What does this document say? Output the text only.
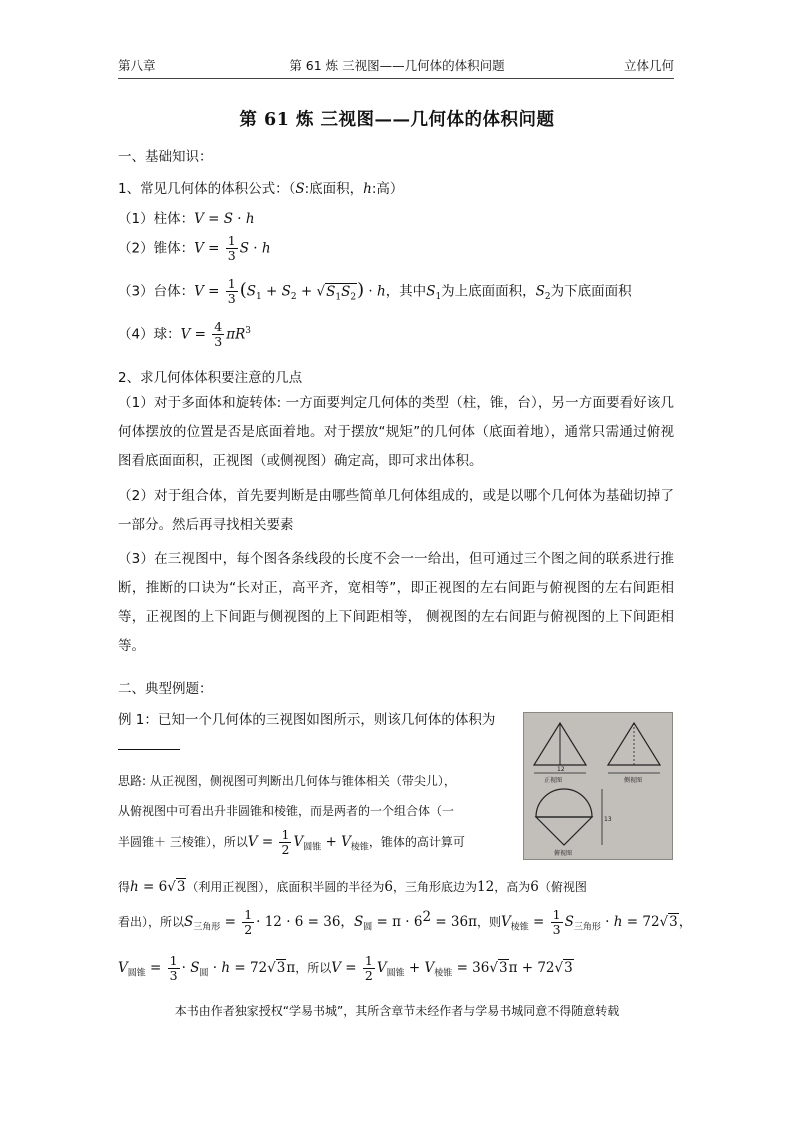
第八章	第 61 炼 三视图——几何体的体积问题	立体几何
第 61 炼 三视图——几何体的体积问题
一、基础知识：
1、常见几何体的体积公式：（S:底面积，h:高）
（1）柱体：V = S · h
（2）锥体：$V = \frac{1}{3}$ S · h
（3）台体：$V = \frac{1}{3} (S_1 + S_2 + √S_1S_2) \cdot h$，其中$S_1$为上底面面积，$S_2$为下底面面积
（4）球：$V = \frac{4}{3} \pi R^3$
2、求几何体体积要注意的几点
（1）对于多面体和旋转体: 一方面要判定几何体的类型（柱，锥，台），另一方面要看好该几何体摆放的位置是否是底面着地。对于摆放“规矩”的几何体（底面着地），通常只需通过俯视图看底面面积，正视图（或侧视图）确定高，即可求出体积。
（2）对于组合体，首先要判断是由哪些简单几何体组成的，或是以哪个几何体为基础切掉了一部分。然后再寻找相关要素
（3）在三视图中，每个图各条线段的长度不会一一给出，但可通过三个图之间的联系进行推断，推断的口诀为“长对正，高平齐，宽相等”，即正视图的左右间距与俯视图的左右间距相等，正视图的上下间距与侧视图的上下间距相等， 侧视图的左右间距与俯视图的上下间距相等。
二、典型例题：
例 1：已知一个几何体的三视图如图所示，则该几何体的体积为
12
正视图	侧视图
13
俯视图
思路: 从正视图，侧视图可判断出几何体与锥体相关（带尖儿），
从俯视图中可看出升非圆锥和棱锥，而是两者的一个组合体（一
半圆锥＋ 三棱锥），所以$V = \frac{1}{2} V_{圆锥} + V_{棱锥}$，锥体的高计算可
得h = 6√3（利用正视图），底面积半圆的半径为6，三角形底边为12，高为6（俯视图
看出），所以$S_{三角形} = \frac{1}{2} \cdot 12 \cdot 6 = 36$，$S_圆 = \pi \cdot 6^2 = 36\pi$，则$V_{棱锥} = \frac{1}{3} S_{三角形} \cdot h = 72√3$，
$V_{圆锥} = \frac{1}{3} \cdot S_圆 \cdot h = 72√3\pi$，所以$V = \frac{1}{2} V_{圆锥} + V_{棱锥} = 36√3\pi + 72√3$
本书由作者独家授权“学易书城”，其所含章节未经作者与学易书城同意不得随意转载
